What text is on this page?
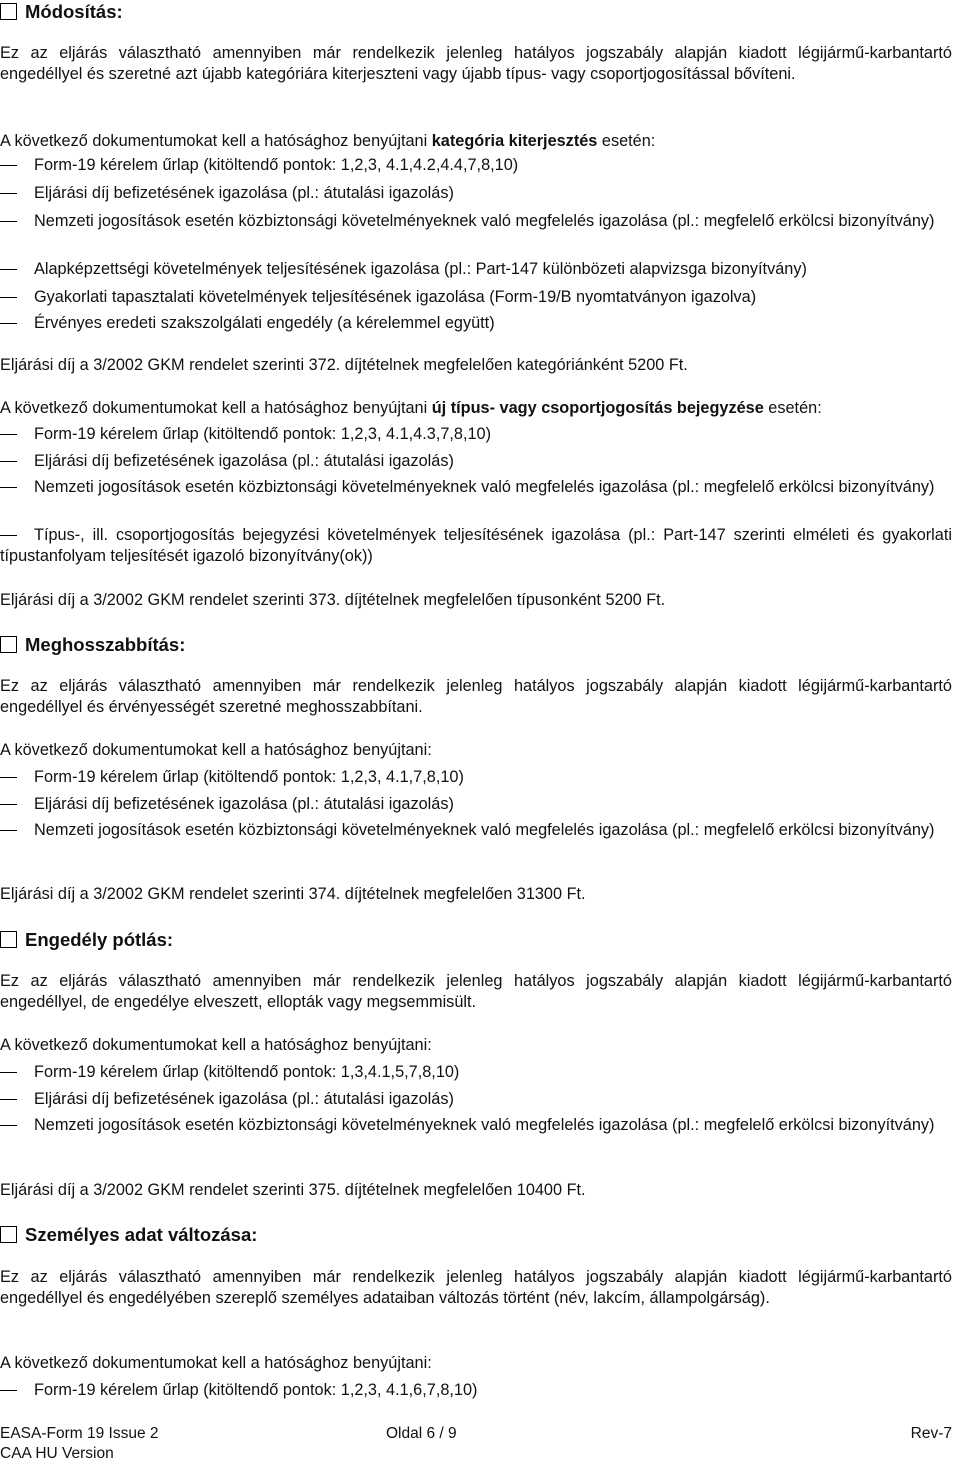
Módosítás:
Ez az eljárás választható amennyiben már rendelkezik jelenleg hatályos jogszabály alapján kiadott légijármű-karbantartó engedéllyel és szeretné azt újabb kategóriára kiterjeszteni vagy újabb típus- vagy csoportjogosítással bővíteni.
A következő dokumentumokat kell a hatósághoz benyújtani kategória kiterjesztés esetén:
Form-19 kérelem űrlap (kitöltendő pontok: 1,2,3, 4.1,4.2,4.4,7,8,10)
Eljárási díj befizetésének igazolása (pl.: átutalási igazolás)
Nemzeti jogosítások esetén közbiztonsági követelményeknek való megfelelés igazolása (pl.: megfelelő erkölcsi bizonyítvány)
Alapképzettségi követelmények teljesítésének igazolása (pl.: Part-147 különbözeti alapvizsga bizonyítvány)
Gyakorlati tapasztalati követelmények teljesítésének igazolása (Form-19/B nyomtatványon igazolva)
Érvényes eredeti szakszolgálati engedély (a kérelemmel együtt)
Eljárási díj a 3/2002 GKM rendelet szerinti 372. díjtételnek megfelelően kategóriánként 5200 Ft.
A következő dokumentumokat kell a hatósághoz benyújtani új típus- vagy csoportjogosítás bejegyzése esetén:
Form-19 kérelem űrlap (kitöltendő pontok: 1,2,3, 4.1,4.3,7,8,10)
Eljárási díj befizetésének igazolása (pl.: átutalási igazolás)
Nemzeti jogosítások esetén közbiztonsági követelményeknek való megfelelés igazolása (pl.: megfelelő erkölcsi bizonyítvány)
Típus-, ill. csoportjogosítás bejegyzési követelmények teljesítésének igazolása (pl.: Part-147 szerinti elméleti és gyakorlati típustanfolyam teljesítését igazoló bizonyítvány(ok))
Eljárási díj a 3/2002 GKM rendelet szerinti 373. díjtételnek megfelelően típusonként 5200 Ft.
Meghosszabbítás:
Ez az eljárás választható amennyiben már rendelkezik jelenleg hatályos jogszabály alapján kiadott légijármű-karbantartó engedéllyel és érvényességét szeretné meghosszabbítani.
A következő dokumentumokat kell a hatósághoz benyújtani:
Form-19 kérelem űrlap (kitöltendő pontok: 1,2,3, 4.1,7,8,10)
Eljárási díj befizetésének igazolása (pl.: átutalási igazolás)
Nemzeti jogosítások esetén közbiztonsági követelményeknek való megfelelés igazolása (pl.: megfelelő erkölcsi bizonyítvány)
Eljárási díj a 3/2002 GKM rendelet szerinti 374. díjtételnek megfelelően 31300 Ft.
Engedély pótlás:
Ez az eljárás választható amennyiben már rendelkezik jelenleg hatályos jogszabály alapján kiadott légijármű-karbantartó engedéllyel, de engedélye elveszett, ellopták vagy megsemmisült.
A következő dokumentumokat kell a hatósághoz benyújtani:
Form-19 kérelem űrlap (kitöltendő pontok: 1,3,4.1,5,7,8,10)
Eljárási díj befizetésének igazolása (pl.: átutalási igazolás)
Nemzeti jogosítások esetén közbiztonsági követelményeknek való megfelelés igazolása (pl.: megfelelő erkölcsi bizonyítvány)
Eljárási díj a 3/2002 GKM rendelet szerinti 375. díjtételnek megfelelően 10400 Ft.
Személyes adat változása:
Ez az eljárás választható amennyiben már rendelkezik jelenleg hatályos jogszabály alapján kiadott légijármű-karbantartó engedéllyel és engedélyében szereplő személyes adataiban változás történt (név, lakcím, állampolgárság).
A következő dokumentumokat kell a hatósághoz benyújtani:
Form-19 kérelem űrlap (kitöltendő pontok: 1,2,3, 4.1,6,7,8,10)
EASA-Form 19 Issue 2
CAA HU Version
Oldal 6 / 9	Rev-7
